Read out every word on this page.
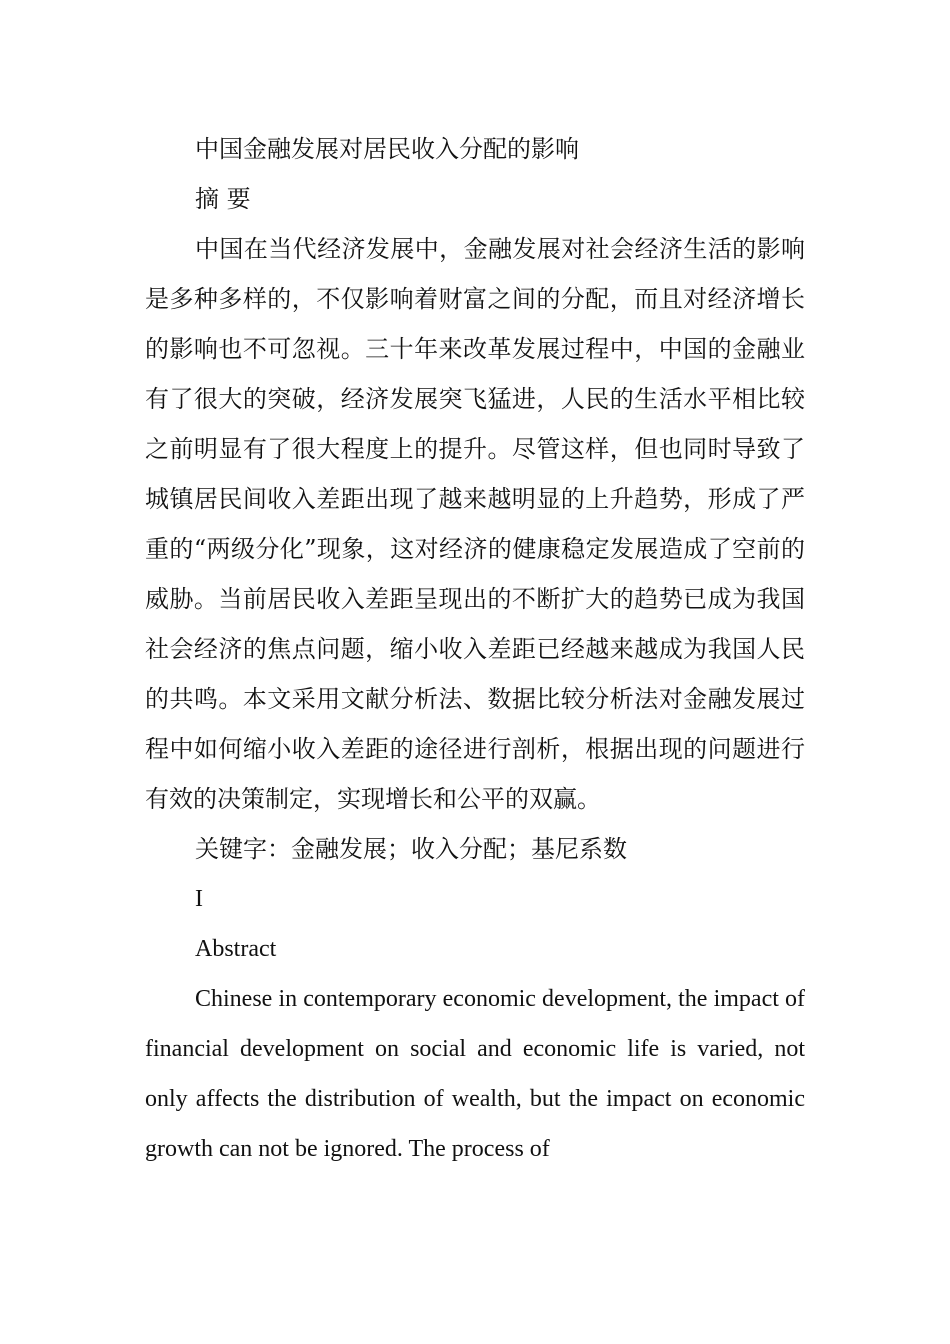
中国金融发展对居民收入分配的影响

摘 要

中国在当代经济发展中，金融发展对社会经济生活的影响是多种多样的，不仅影响着财富之间的分配，而且对经济增长的影响也不可忽视。三十年来改革发展过程中，中国的金融业有了很大的突破，经济发展突飞猛进，人民的生活水平相比较之前明显有了很大程度上的提升。尽管这样，但也同时导致了城镇居民间收入差距出现了越来越明显的上升趋势，形成了严重的“两级分化”现象，这对经济的健康稳定发展造成了空前的威胁。当前居民收入差距呈现出的不断扩大的趋势已成为我国社会经济的焦点问题，缩小收入差距已经越来越成为我国人民的共鸣。本文采用文献分析法、数据比较分析法对金融发展过程中如何缩小收入差距的途径进行剖析，根据出现的问题进行有效的决策制定，实现增长和公平的双赢。

关键字：金融发展；收入分配；基尼系数

I

Abstract

Chinese in contemporary economic development, the impact of financial development on social and economic life is varied, not only affects the distribution of wealth, but the impact on economic growth can not be ignored. The process of
